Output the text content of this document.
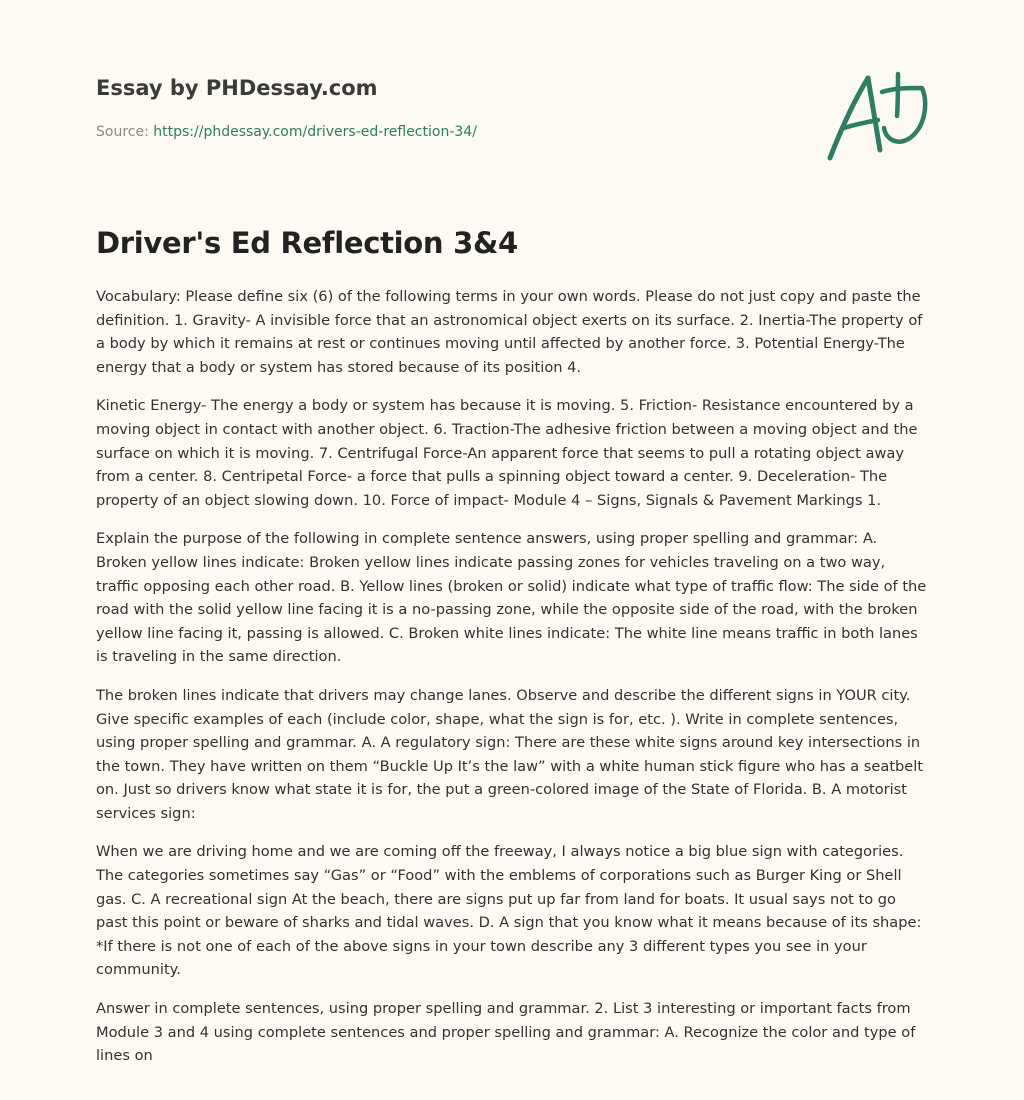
Essay by PHDessay.com
Source: https://phdessay.com/drivers-ed-reflection-34/
Driver's Ed Reflection 3&4

Vocabulary: Please define six (6) of the following terms in your own words. Please do not just copy and paste the definition. 1. Gravity- A invisible force that an astronomical object exerts on its surface. 2. Inertia-The property of a body by which it remains at rest or continues moving until affected by another force. 3. Potential Energy-The energy that a body or system has stored because of its position 4.

Kinetic Energy- The energy a body or system has because it is moving. 5. Friction- Resistance encountered by a moving object in contact with another object. 6. Traction-The adhesive friction between a moving object and the surface on which it is moving. 7. Centrifugal Force-An apparent force that seems to pull a rotating object away from a center. 8. Centripetal Force- a force that pulls a spinning object toward a center. 9. Deceleration- The property of an object slowing down. 10. Force of impact- Module 4 – Signs, Signals & Pavement Markings 1.

Explain the purpose of the following in complete sentence answers, using proper spelling and grammar: A. Broken yellow lines indicate: Broken yellow lines indicate passing zones for vehicles traveling on a two way, traffic opposing each other road. B. Yellow lines (broken or solid) indicate what type of traffic flow: The side of the road with the solid yellow line facing it is a no-passing zone, while the opposite side of the road, with the broken yellow line facing it, passing is allowed. C. Broken white lines indicate: The white line means traffic in both lanes is traveling in the same direction.

The broken lines indicate that drivers may change lanes. Observe and describe the different signs in YOUR city. Give specific examples of each (include color, shape, what the sign is for, etc. ). Write in complete sentences, using proper spelling and grammar. A. A regulatory sign: There are these white signs around key intersections in the town. They have written on them “Buckle Up It’s the law” with a white human stick figure who has a seatbelt on. Just so drivers know what state it is for, the put a green-colored image of the State of Florida. B. A motorist services sign:

When we are driving home and we are coming off the freeway, I always notice a big blue sign with categories. The categories sometimes say “Gas” or “Food” with the emblems of corporations such as Burger King or Shell gas. C. A recreational sign At the beach, there are signs put up far from land for boats. It usual says not to go past this point or beware of sharks and tidal waves. D. A sign that you know what it means because of its shape: *If there is not one of each of the above signs in your town describe any 3 different types you see in your community.

Answer in complete sentences, using proper spelling and grammar. 2. List 3 interesting or important facts from Module 3 and 4 using complete sentences and proper spelling and grammar: A. Recognize the color and type of lines on
